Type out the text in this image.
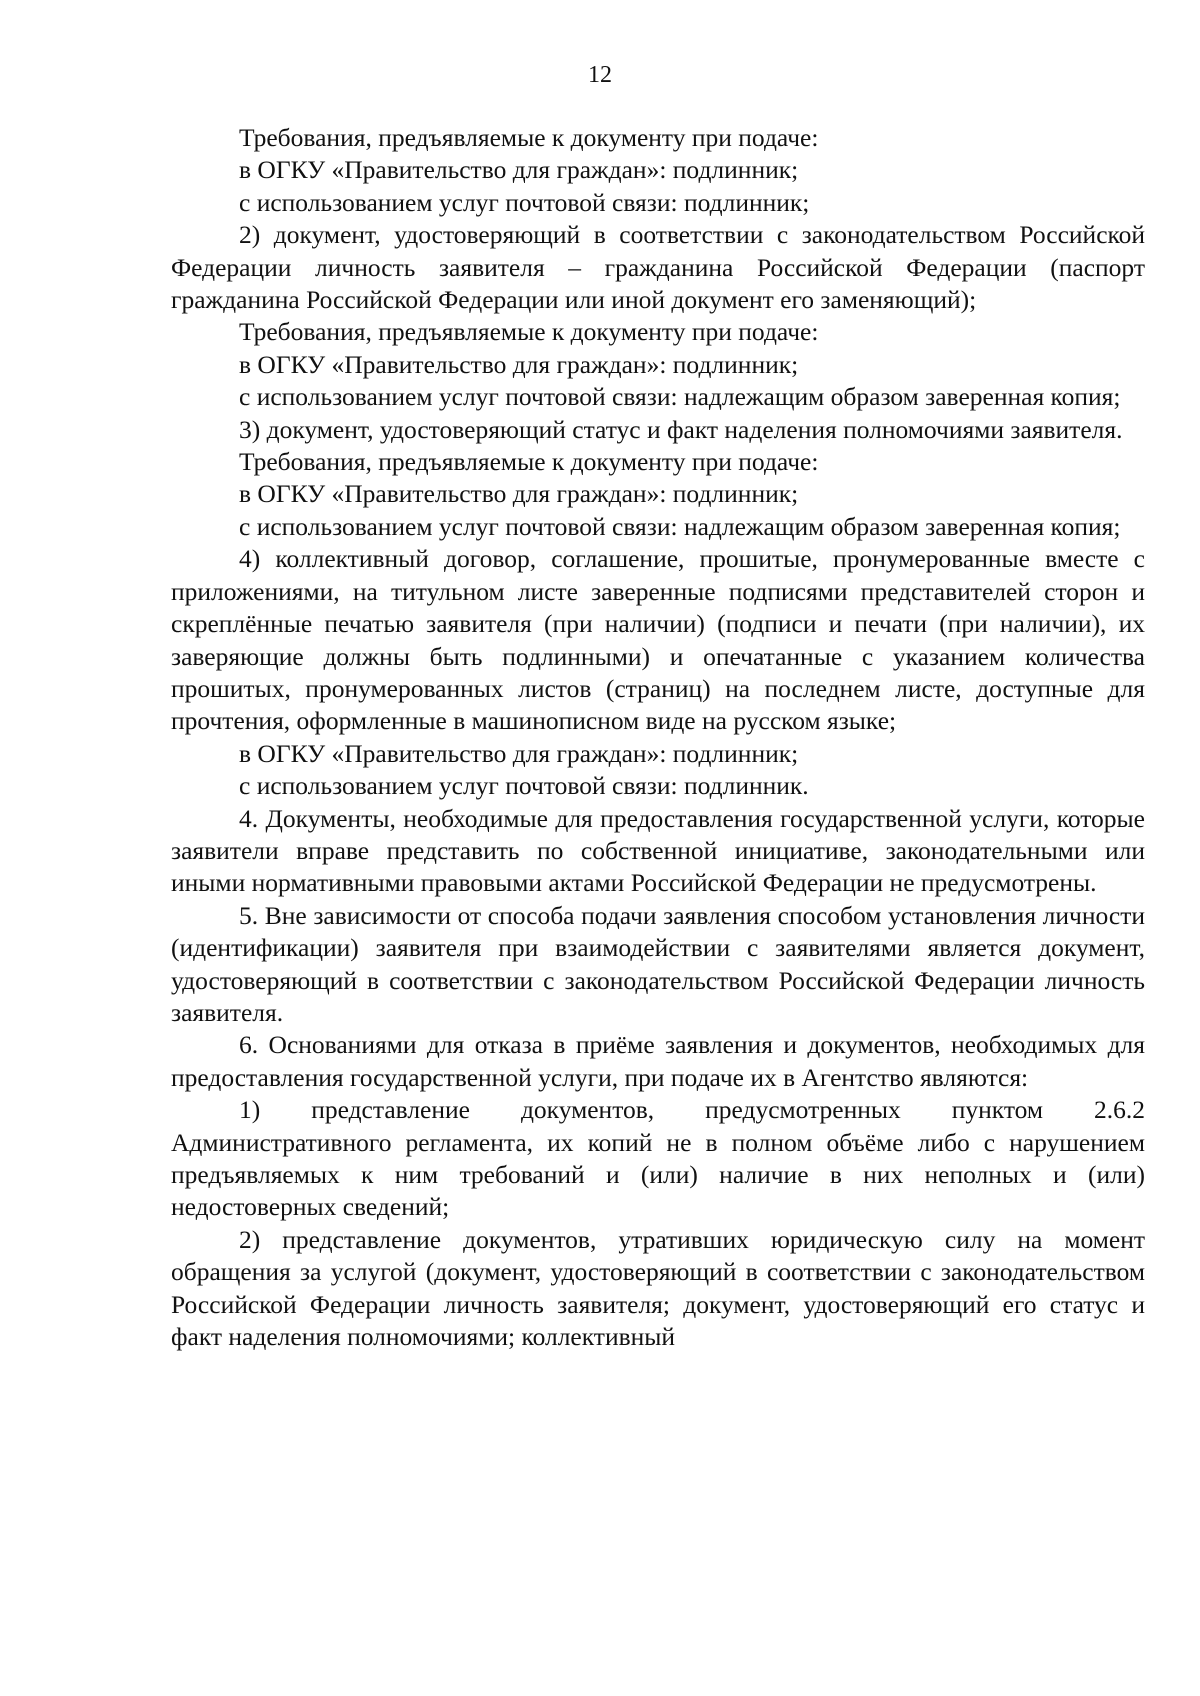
12

Требования, предъявляемые к документу при подаче:

в ОГКУ «Правительство для граждан»: подлинник;

с использованием услуг почтовой связи: подлинник;

2) документ, удостоверяющий в соответствии с законодательством Российской Федерации личность заявителя – гражданина Российской Федерации (паспорт гражданина Российской Федерации или иной документ его заменяющий);

Требования, предъявляемые к документу при подаче:

в ОГКУ «Правительство для граждан»: подлинник;

с использованием услуг почтовой связи: надлежащим образом заверенная копия;

3) документ, удостоверяющий статус и факт наделения полномочиями заявителя.

Требования, предъявляемые к документу при подаче:

в ОГКУ «Правительство для граждан»: подлинник;

с использованием услуг почтовой связи: надлежащим образом заверенная копия;

4) коллективный договор, соглашение, прошитые, пронумерованные вместе с приложениями, на титульном листе заверенные подписями представителей сторон и скреплённые печатью заявителя (при наличии) (подписи и печати (при наличии), их заверяющие должны быть подлинными) и опечатанные с указанием количества прошитых, пронумерованных листов (страниц) на последнем листе, доступные для прочтения, оформленные в машинописном виде на русском языке;

в ОГКУ «Правительство для граждан»: подлинник;

с использованием услуг почтовой связи: подлинник.

4. Документы, необходимые для предоставления государственной услуги, которые заявители вправе представить по собственной инициативе, законодательными или иными нормативными правовыми актами Российской Федерации не предусмотрены.

5. Вне зависимости от способа подачи заявления способом установления личности (идентификации) заявителя при взаимодействии с заявителями является документ, удостоверяющий в соответствии с законодательством Российской Федерации личность заявителя.

6. Основаниями для отказа в приёме заявления и документов, необходимых для предоставления государственной услуги, при подаче их в Агентство являются:

1) представление документов, предусмотренных пунктом 2.6.2 Административного регламента, их копий не в полном объёме либо с нарушением предъявляемых к ним требований и (или) наличие в них неполных и (или) недостоверных сведений;

2) представление документов, утративших юридическую силу на момент обращения за услугой (документ, удостоверяющий в соответствии с законодательством Российской Федерации личность заявителя; документ, удостоверяющий его статус и факт наделения полномочиями; коллективный
